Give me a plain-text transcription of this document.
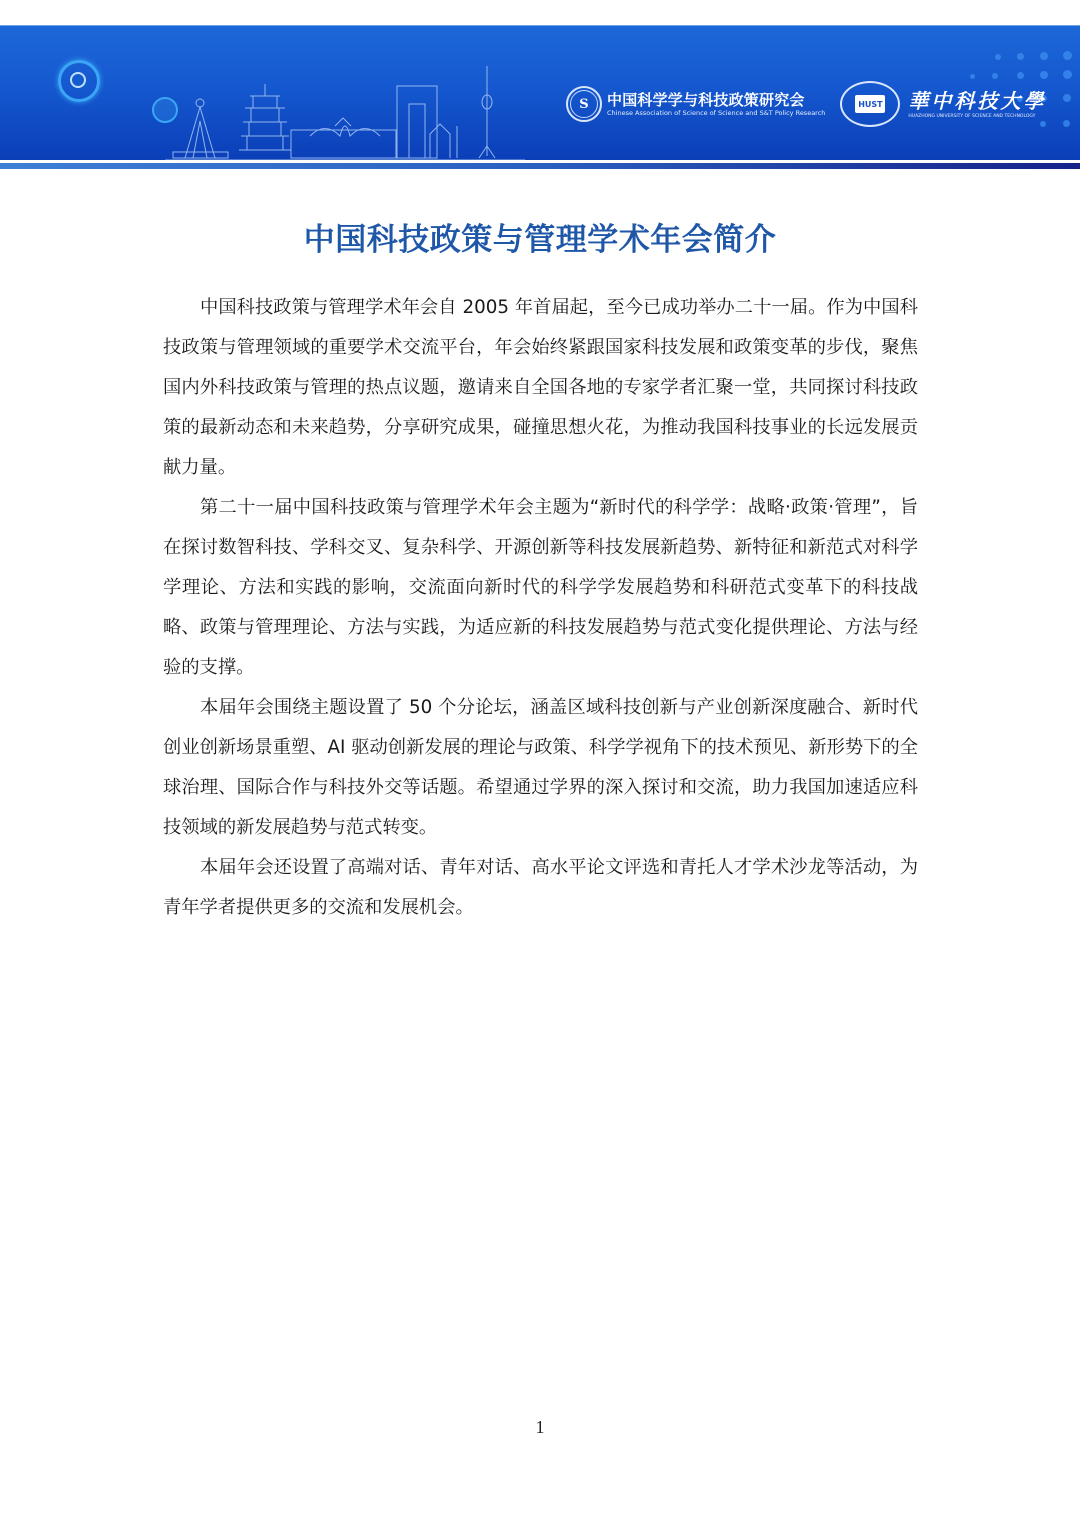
S	中国科学学与科技政策研究会
Chinese Association of Science of Science and S&T Policy Research
HUST 華中科技大學
HUAZHONG UNIVERSITY OF SCIENCE AND TECHNOLOGY
中国科技政策与管理学术年会简介

中国科技政策与管理学术年会自 2005 年首届起，至今已成功举办二十一届。作为中国科技政策与管理领域的重要学术交流平台，年会始终紧跟国家科技发展和政策变革的步伐，聚焦国内外科技政策与管理的热点议题，邀请来自全国各地的专家学者汇聚一堂，共同探讨科技政策的最新动态和未来趋势，分享研究成果，碰撞思想火花，为推动我国科技事业的长远发展贡献力量。

第二十一届中国科技政策与管理学术年会主题为“新时代的科学学：战略·政策·管理”，旨在探讨数智科技、学科交叉、复杂科学、开源创新等科技发展新趋势、新特征和新范式对科学学理论、方法和实践的影响，交流面向新时代的科学学发展趋势和科研范式变革下的科技战略、政策与管理理论、方法与实践，为适应新的科技发展趋势与范式变化提供理论、方法与经验的支撑。

本届年会围绕主题设置了 50 个分论坛，涵盖区域科技创新与产业创新深度融合、新时代创业创新场景重塑、AI 驱动创新发展的理论与政策、科学学视角下的技术预见、新形势下的全球治理、国际合作与科技外交等话题。希望通过学界的深入探讨和交流，助力我国加速适应科技领域的新发展趋势与范式转变。

本届年会还设置了高端对话、青年对话、高水平论文评选和青托人才学术沙龙等活动，为青年学者提供更多的交流和发展机会。

1
